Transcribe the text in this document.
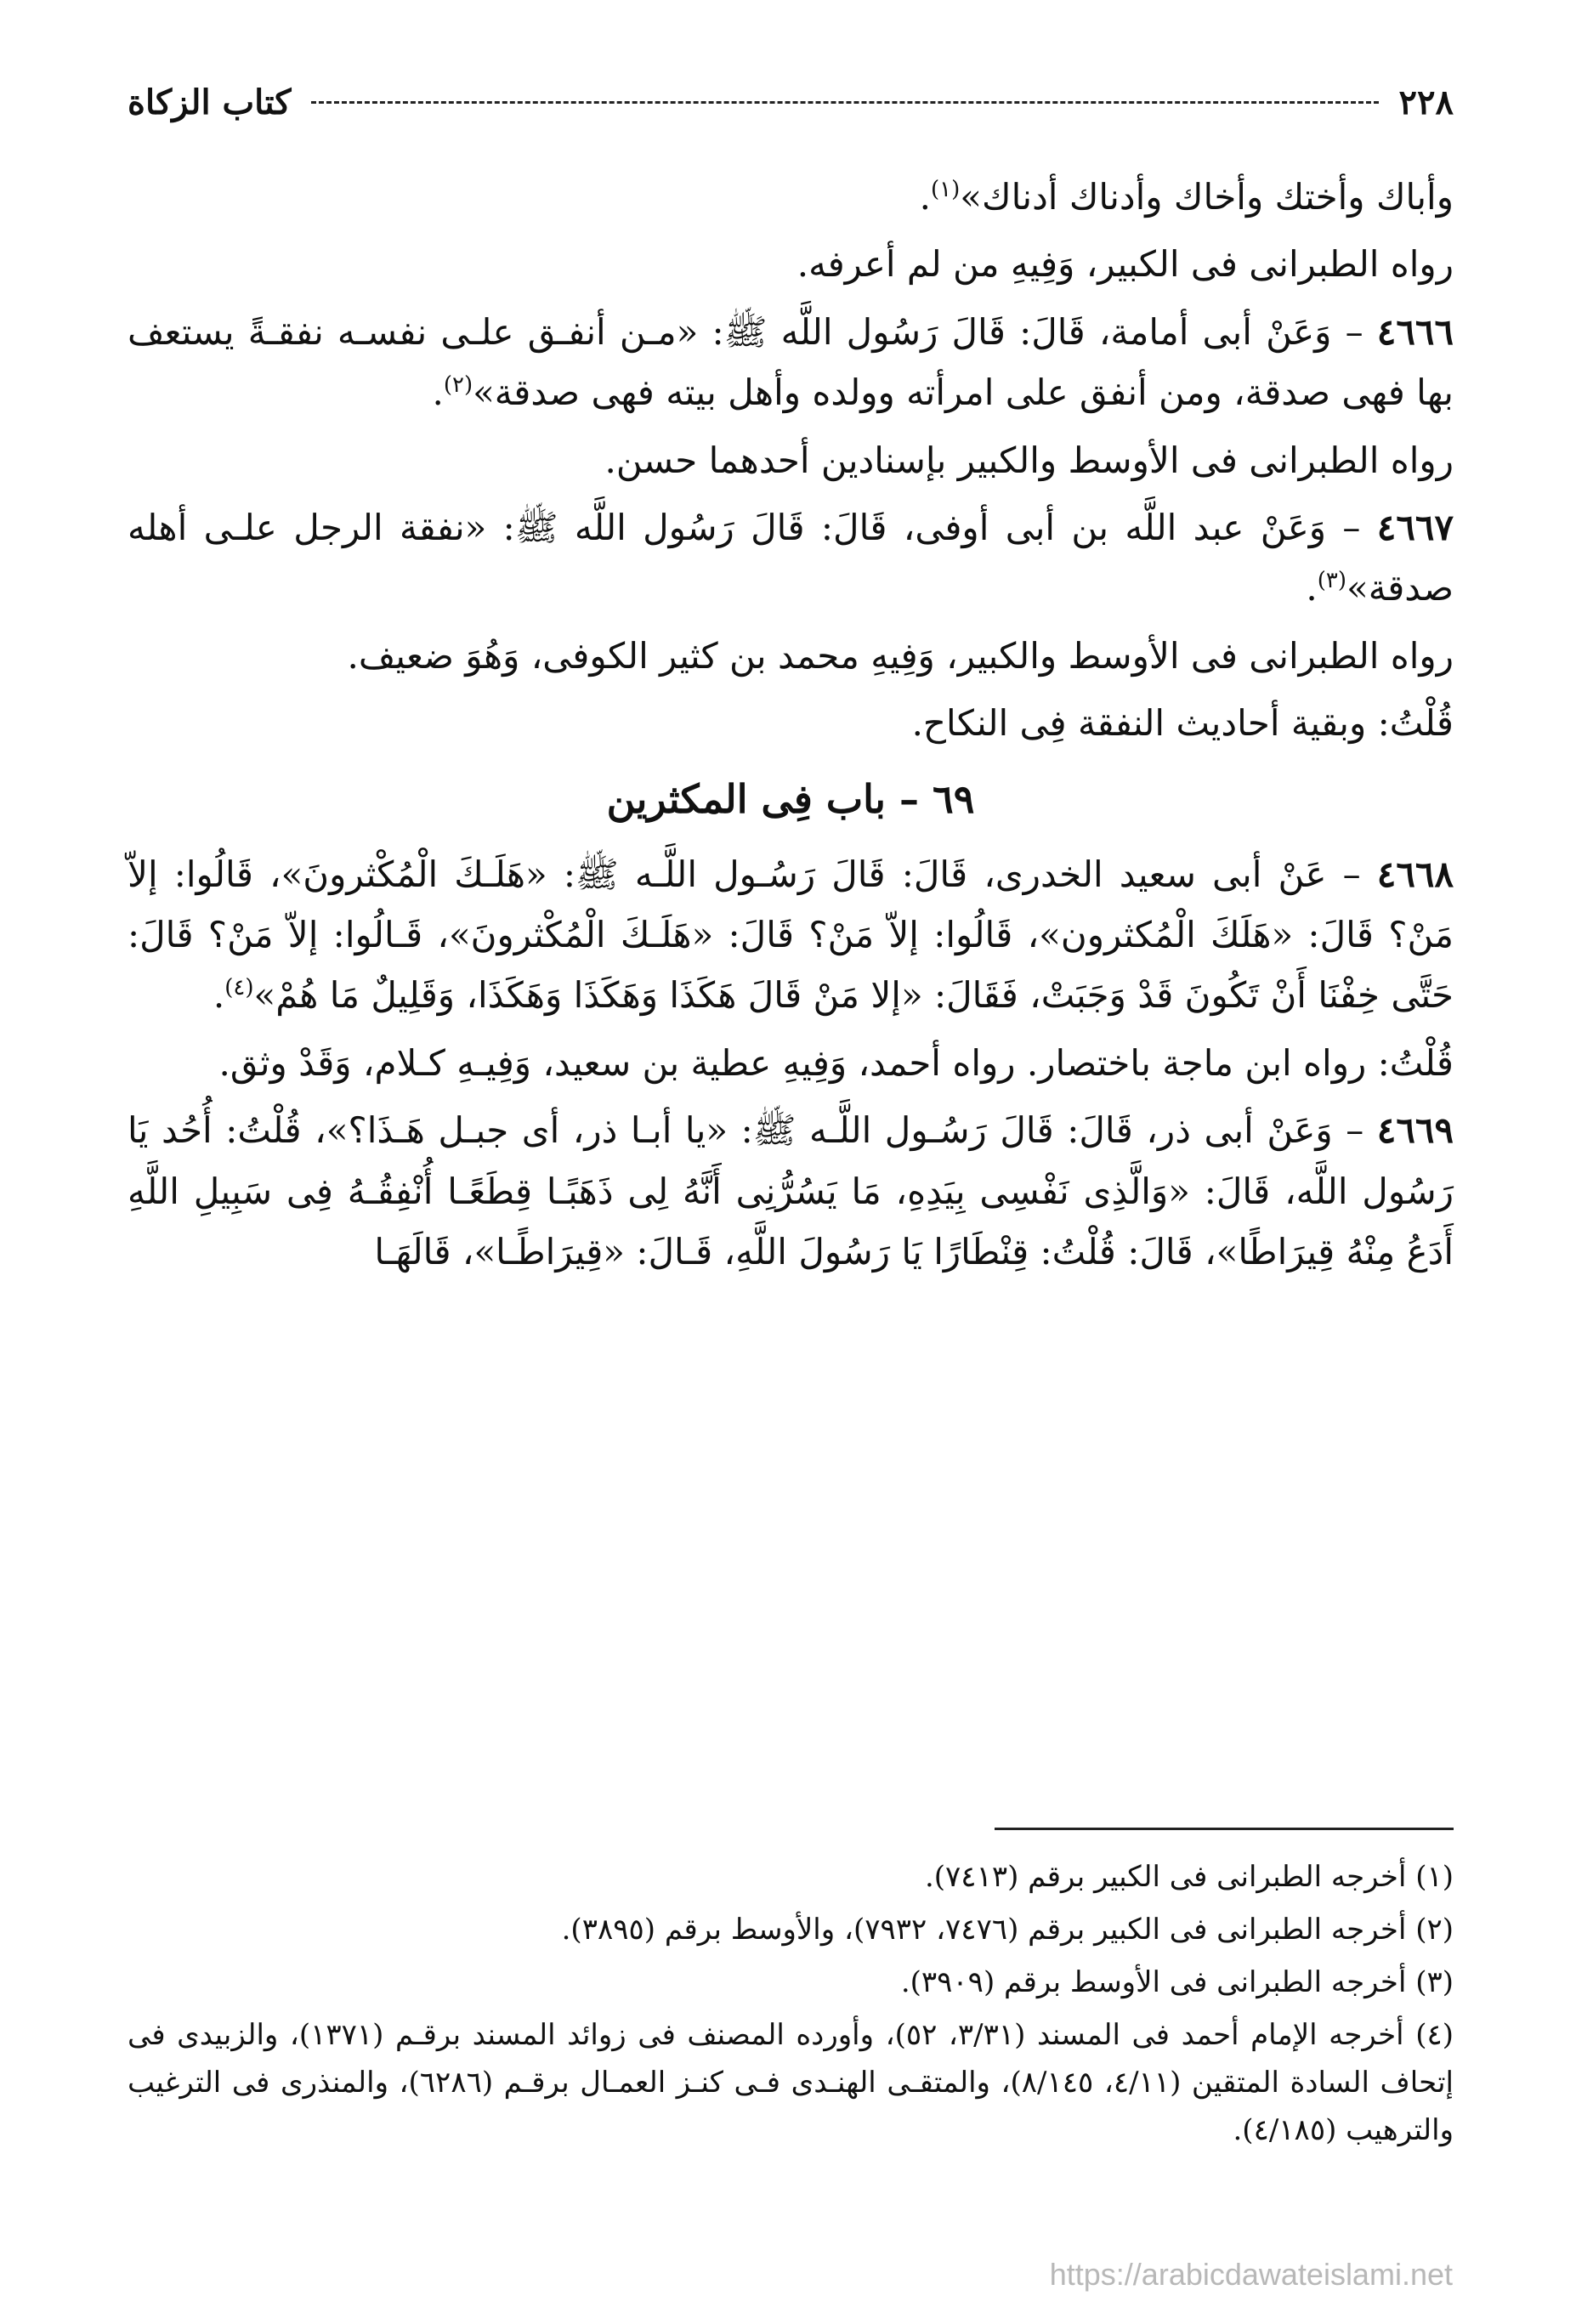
٢٢٨
كتاب الزكاة

وأباك وأختك وأخاك وأدناك أدناك»$^{(١)}$.

رواه الطبرانى فى الكبير، وَفِيهِ من لم أعرفه.

٤٦٦٦ – وَعَنْ أبى أمامة، قَالَ: قَالَ رَسُول اللَّه ﷺ: «مـن أنفـق علـى نفسـه نفقـةً يستعف بها فهى صدقة، ومن أنفق على امرأته وولده وأهل بيته فهى صدقة»$^{(٢)}$.

رواه الطبرانى فى الأوسط والكبير بإسنادين أحدهما حسن.

٤٦٦٧ – وَعَنْ عبد اللَّه بن أبى أوفى، قَالَ: قَالَ رَسُول اللَّه ﷺ: «نفقة الرجل علـى أهله صدقة»$^{(٣)}$.

رواه الطبرانى فى الأوسط والكبير، وَفِيهِ محمد بن كثير الكوفى، وَهُوَ ضعيف.

قُلْتُ: وبقية أحاديث النفقة فِى النكاح.

٦٩ – باب فِى المكثرين

٤٦٦٨ – عَنْ أبى سعيد الخدرى، قَالَ: قَالَ رَسُـول اللَّـه ﷺ: «هَلَـكَ الْمُكْثرونَ»، قَالُوا: إلاّ مَنْ؟ قَالَ: «هَلَكَ الْمُكثرون»، قَالُوا: إلاّ مَنْ؟ قَالَ: «هَلَـكَ الْمُكْثرونَ»، قَـالُوا: إلاّ مَنْ؟ قَالَ: حَتَّى خِفْنَا أَنْ تَكُونَ قَدْ وَجَبَتْ، فَقَالَ: «إلا مَنْ قَالَ هَكَذَا وَهَكَذَا وَهَكَذَا، وَقَلِيلٌ مَا هُمْ»$^{(٤)}$.

قُلْتُ: رواه ابن ماجة باختصار. رواه أحمد، وَفِيهِ عطية بن سعيد، وَفِيـهِ كـلام، وَقَدْ وثق.

٤٦٦٩ – وَعَنْ أبى ذر، قَالَ: قَالَ رَسُـول اللَّـه ﷺ: «يا أبـا ذر، أى جبـل هَـذَا؟»، قُلْتُ: أُحُد يَا رَسُول اللَّه، قَالَ: «وَالَّذِى نَفْسِى بِيَدِهِ، مَا يَسُرُّنِى أَنَّهُ لِى ذَهَبًـا قِطَعًـا أُنْفِقُـهُ فِى سَبِيلِ اللَّهِ أَدَعُ مِنْهُ قِيرَاطًا»، قَالَ: قُلْتُ: قِنْطَارًا يَا رَسُولَ اللَّهِ، قَـالَ: «قِيرَاطًـا»، قَالَهَـا

(١) أخرجه الطبرانى فى الكبير برقم (٧٤١٣).

(٢) أخرجه الطبرانى فى الكبير برقم (٧٤٧٦، ٧٩٣٢)، والأوسط برقم (٣٨٩٥).

(٣) أخرجه الطبرانى فى الأوسط برقم (٣٩٠٩).

(٤) أخرجه الإمام أحمد فى المسند (٣/٣١، ٥٢)، وأورده المصنف فى زوائد المسند برقـم (١٣٧١)، والزبيدى فى إتحاف السادة المتقين (٤/١١، ٨/١٤٥)، والمتقـى الهنـدى فـى كنـز العمـال برقـم (٦٢٨٦)، والمنذرى فى الترغيب والترهيب (٤/١٨٥).

https://arabicdawateislami.net
